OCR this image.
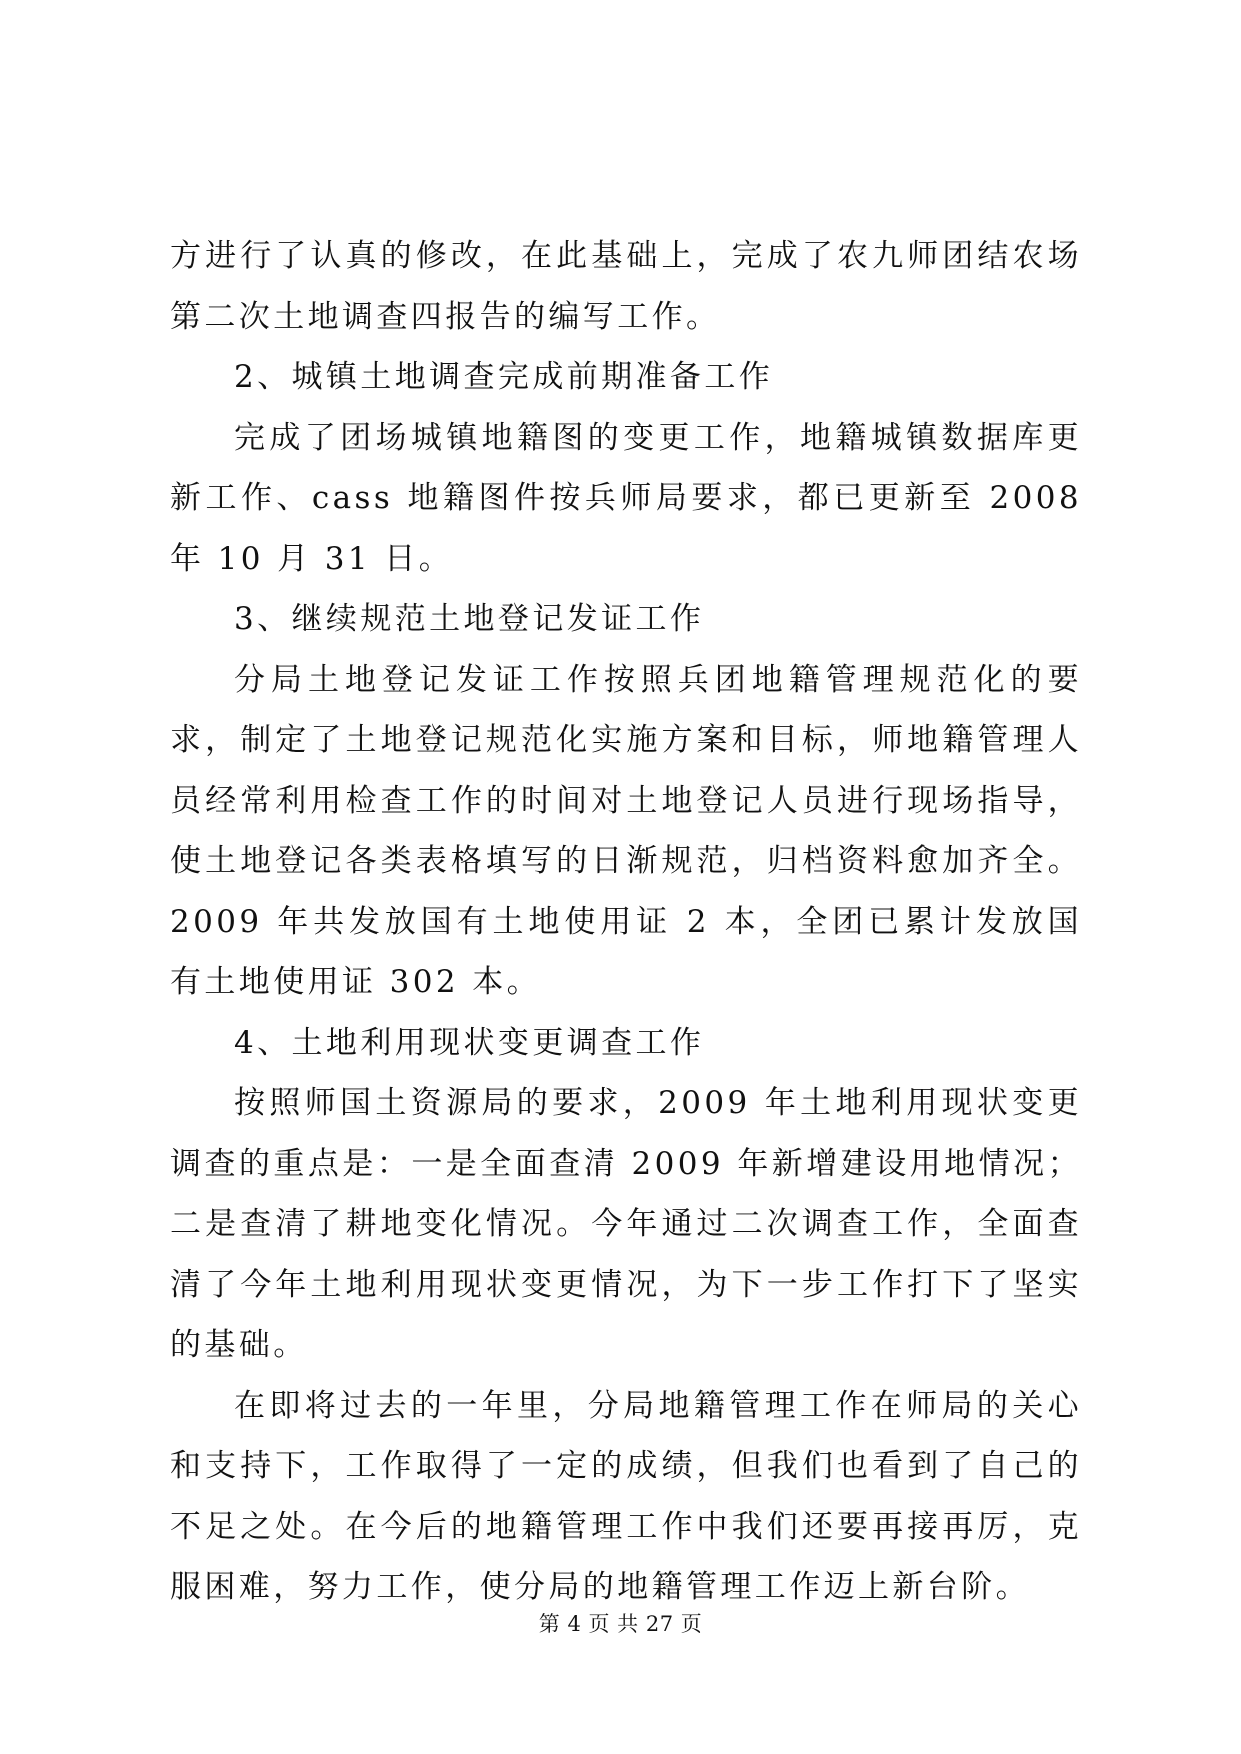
方进行了认真的修改，在此基础上，完成了农九师团结农场第二次土地调查四报告的编写工作。

2、城镇土地调查完成前期准备工作

完成了团场城镇地籍图的变更工作，地籍城镇数据库更新工作、cass 地籍图件按兵师局要求，都已更新至 2008 年 10 月 31 日。

3、继续规范土地登记发证工作

分局土地登记发证工作按照兵团地籍管理规范化的要求，制定了土地登记规范化实施方案和目标，师地籍管理人员经常利用检查工作的时间对土地登记人员进行现场指导，使土地登记各类表格填写的日渐规范，归档资料愈加齐全。2009 年共发放国有土地使用证 2 本，全团已累计发放国有土地使用证 302 本。

4、土地利用现状变更调查工作

按照师国土资源局的要求，2009 年土地利用现状变更调查的重点是：一是全面查清 2009 年新增建设用地情况；二是查清了耕地变化情况。今年通过二次调查工作，全面查清了今年土地利用现状变更情况，为下一步工作打下了坚实的基础。

在即将过去的一年里，分局地籍管理工作在师局的关心和支持下，工作取得了一定的成绩，但我们也看到了自己的不足之处。在今后的地籍管理工作中我们还要再接再厉，克服困难，努力工作，使分局的地籍管理工作迈上新台阶。

第 4 页 共 27 页
